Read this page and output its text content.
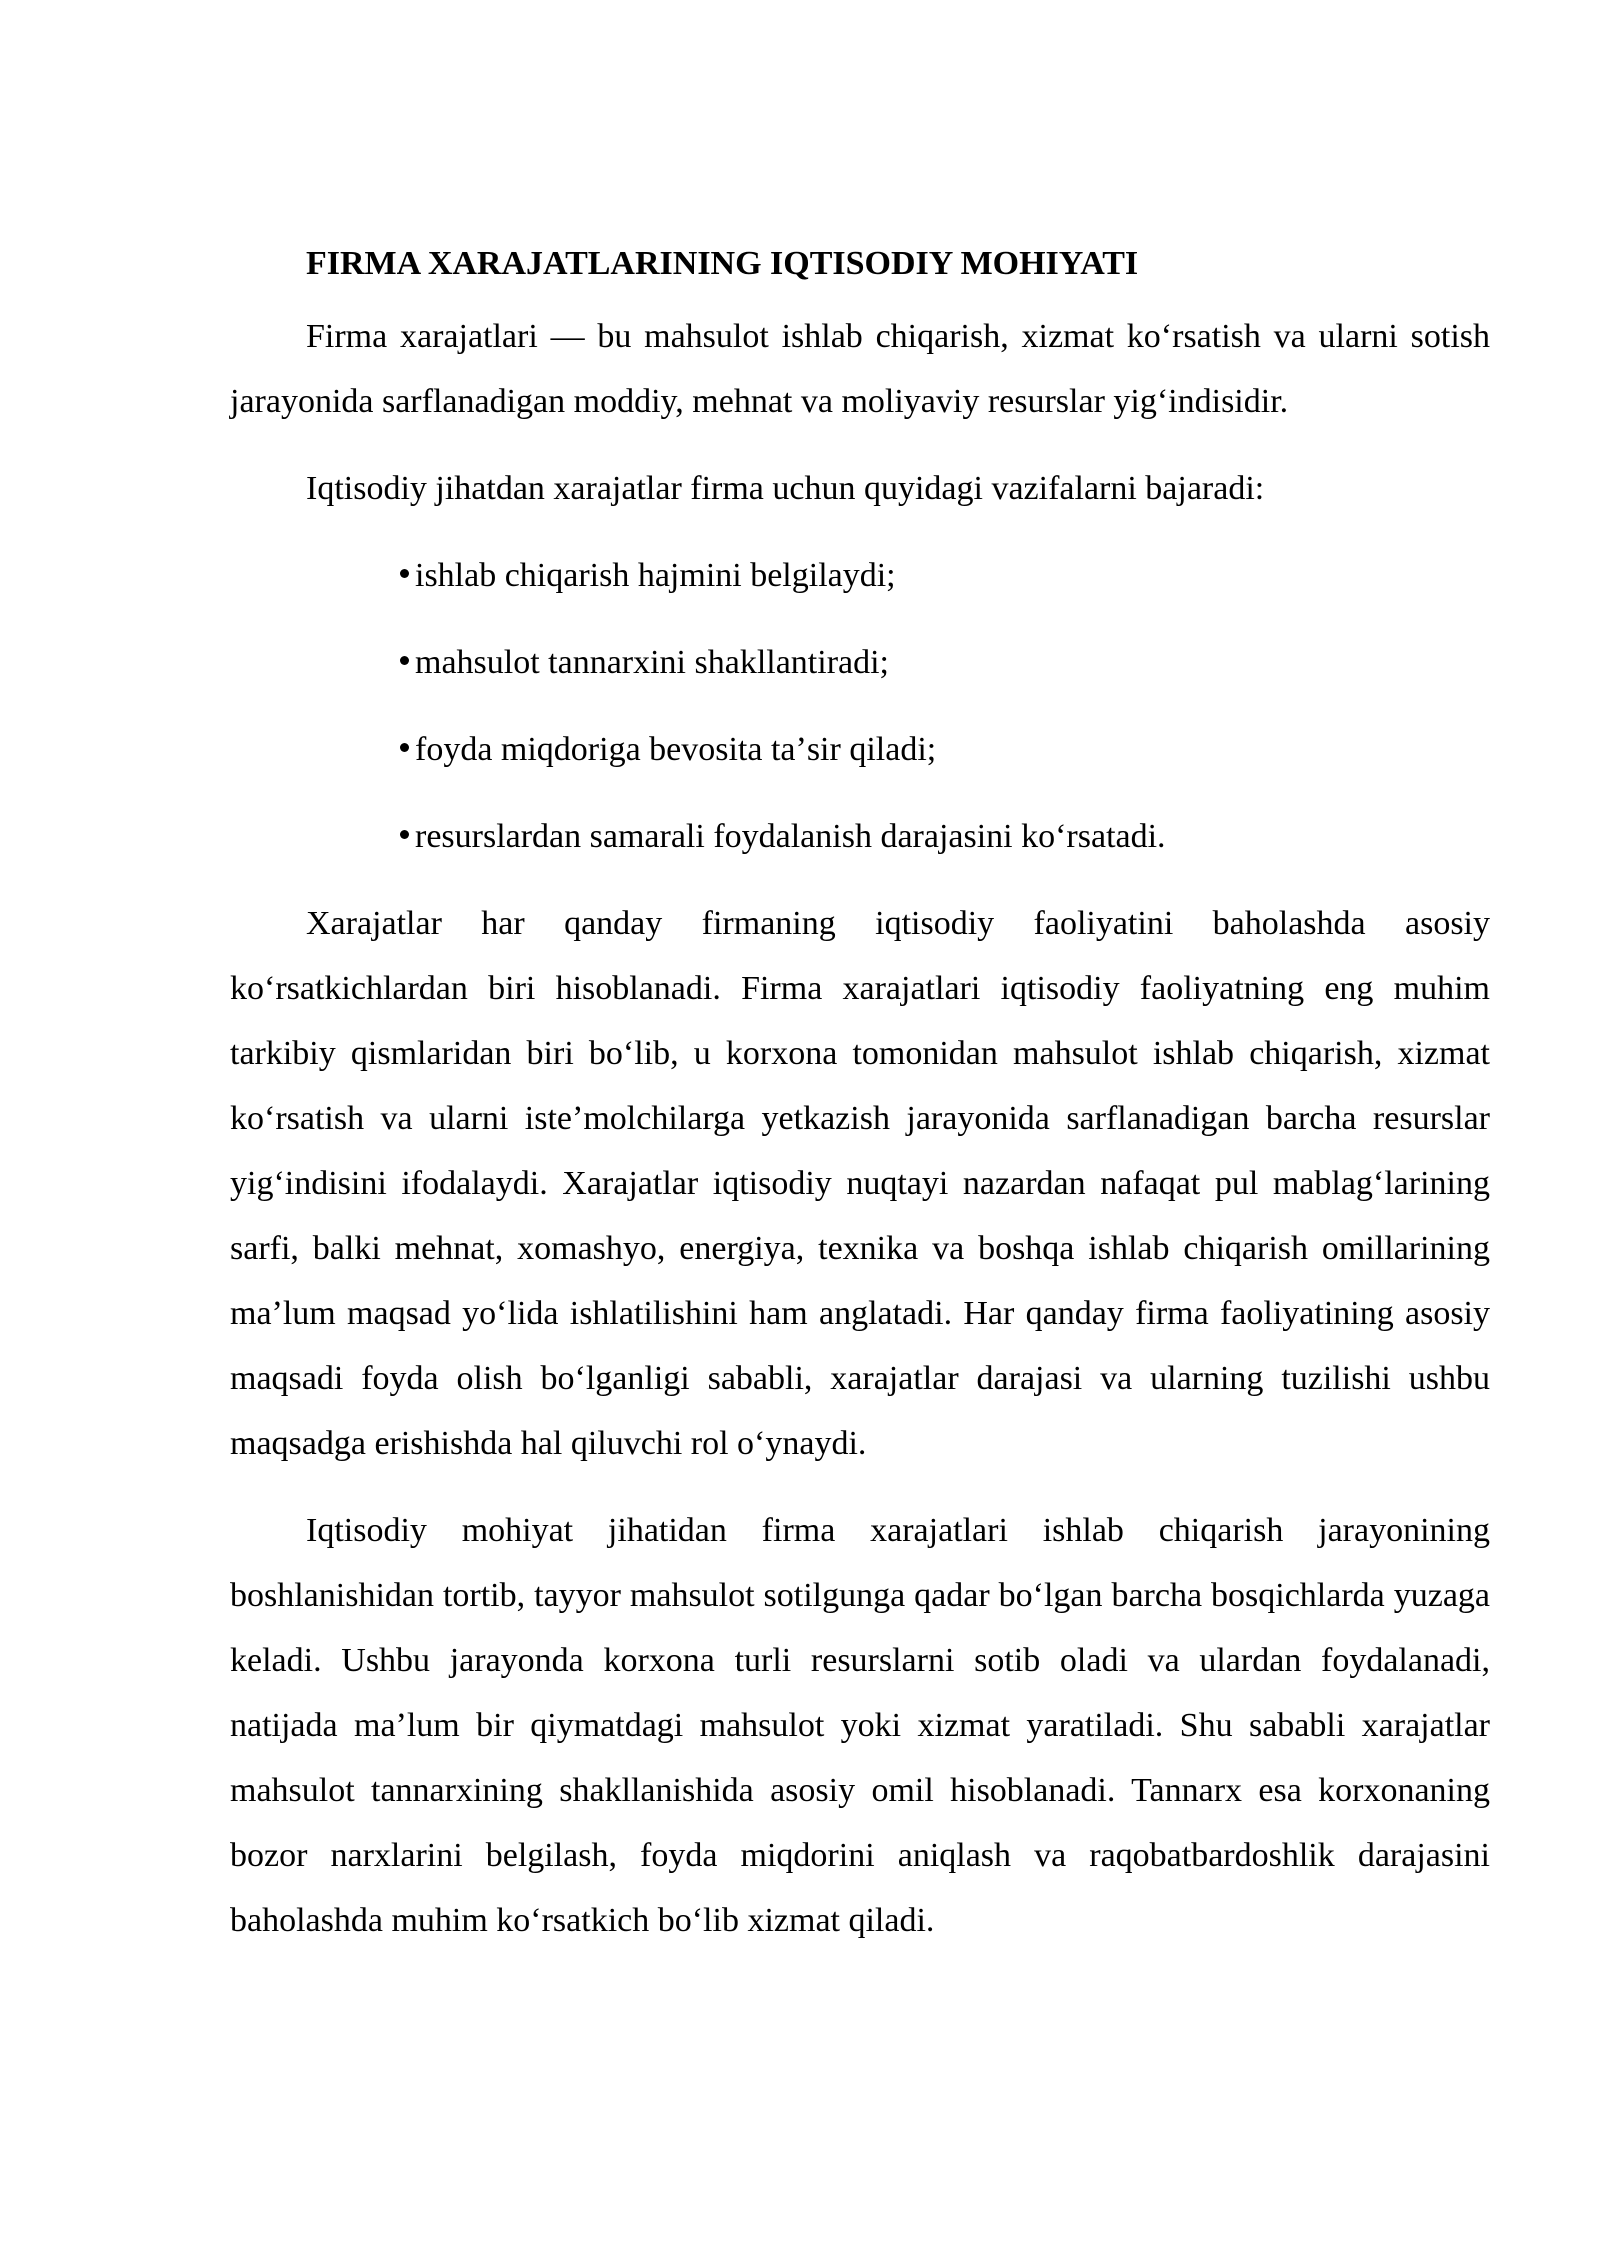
FIRMA XARAJATLARINING IQTISODIY MOHIYATI

Firma xarajatlari — bu mahsulot ishlab chiqarish, xizmat koʻrsatish va ularni sotish jarayonida sarflanadigan moddiy, mehnat va moliyaviy resurslar yigʻindisidir.

Iqtisodiy jihatdan xarajatlar firma uchun quyidagi vazifalarni bajaradi:

ishlab chiqarish hajmini belgilaydi;
mahsulot tannarxini shakllantiradi;
foyda miqdoriga bevosita taʼsir qiladi;
resurslardan samarali foydalanish darajasini koʻrsatadi.

Xarajatlar har qanday firmaning iqtisodiy faoliyatini baholashda asosiy koʻrsatkichlardan biri hisoblanadi. Firma xarajatlari iqtisodiy faoliyatning eng muhim tarkibiy qismlaridan biri boʻlib, u korxona tomonidan mahsulot ishlab chiqarish, xizmat koʻrsatish va ularni isteʼmolchilarga yetkazish jarayonida sarflanadigan barcha resurslar yigʻindisini ifodalaydi. Xarajatlar iqtisodiy nuqtayi nazardan nafaqat pul mablagʻlarining sarfi, balki mehnat, xomashyo, energiya, texnika va boshqa ishlab chiqarish omillarining maʼlum maqsad yoʻlida ishlatilishini ham anglatadi. Har qanday firma faoliyatining asosiy maqsadi foyda olish boʻlganligi sababli, xarajatlar darajasi va ularning tuzilishi ushbu maqsadga erishishda hal qiluvchi rol oʻynaydi.

Iqtisodiy mohiyat jihatidan firma xarajatlari ishlab chiqarish jarayonining boshlanishidan tortib, tayyor mahsulot sotilgunga qadar boʻlgan barcha bosqichlarda yuzaga keladi. Ushbu jarayonda korxona turli resurslarni sotib oladi va ulardan foydalanadi, natijada maʼlum bir qiymatdagi mahsulot yoki xizmat yaratiladi. Shu sababli xarajatlar mahsulot tannarxining shakllanishida asosiy omil hisoblanadi. Tannarx esa korxonaning bozor narxlarini belgilash, foyda miqdorini aniqlash va raqobatbardoshlik darajasini baholashda muhim koʻrsatkich boʻlib xizmat qiladi.
